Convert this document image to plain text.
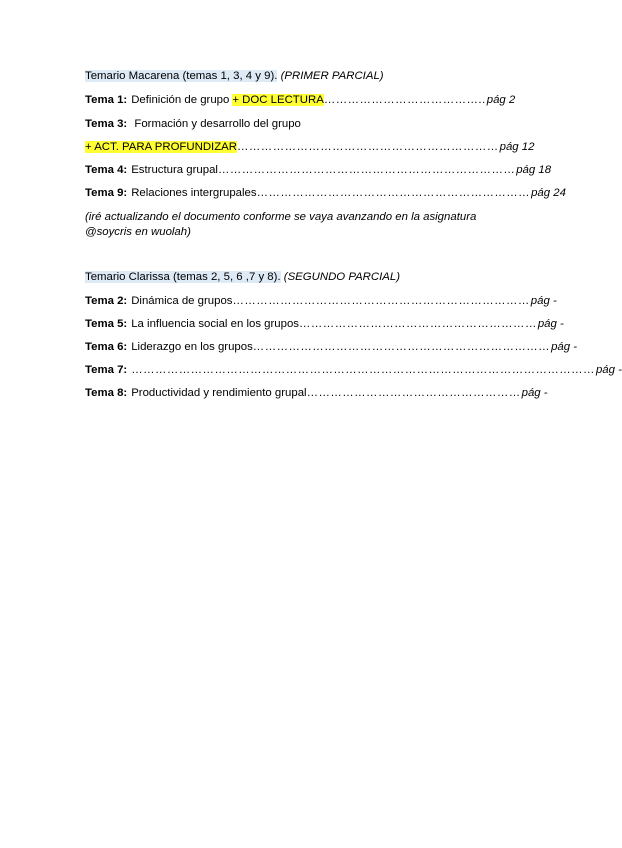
Temario Macarena (temas 1, 3, 4 y 9). (PRIMER PARCIAL)
Tema 1: Definición de grupo + DOC LECTURA ………………………………….. pág 2
Tema 3: Formación y desarrollo del grupo
+ ACT. PARA PROFUNDIZAR ………………………………………………………… pág 12
Tema 4: Estructura grupal ………………………………………………………………… pág 18
Tema 9: Relaciones intergrupales …………………………………………………………… pág 24
(iré actualizando el documento conforme se vaya avanzando en la asignatura @soycris en wuolah)
Temario Clarissa (temas 2, 5, 6 ,7 y 8). (SEGUNDO PARCIAL)
Tema 2: Dinámica de grupos ………………………………………………………………… pág -
Tema 5: La influencia social en los grupos …………………………………………………… pág -
Tema 6: Liderazgo en los grupos ………………………………………………………………… pág -
Tema 7: ……………………………………………………………………………………………………… pág -
Tema 8: Productividad y rendimiento grupal ……………………………………………… pág -
